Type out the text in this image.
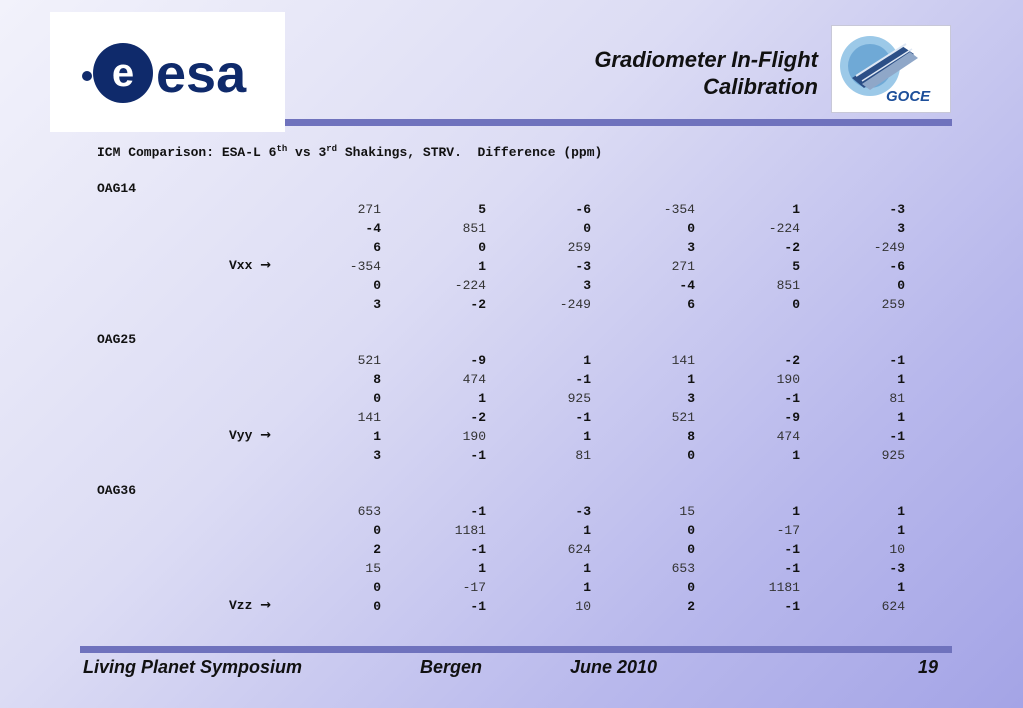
e esa	Gradiometer In-Flight
Calibration	GOCE
ICM Comparison: ESA-L 6th vs 3rd Shakings, STRV.  Difference (ppm)
OAG14
271	5	-6	-354	1	-3
-4	851	0	0	-224	3
6	0	259	3	-2	-249
Vxx →	-354	1	-3	271	5	-6
0	-224	3	-4	851	0
3	-2	-249	6	0	259
OAG25
521	-9	1	141	-2	-1
8	474	-1	1	190	1
0	1	925	3	-1	81
141	-2	-1	521	-9	1
Vyy →	1	190	1	8	474	-1
3	-1	81	0	1	925
OAG36
653	-1	-3	15	1	1
0	1181	1	0	-17	1
2	-1	624	0	-1	10
15	1	1	653	-1	-3
0	-17	1	0	1181	1
Vzz →	0	-1	10	2	-1	624
Living Planet Symposium	Bergen	June 2010	19
